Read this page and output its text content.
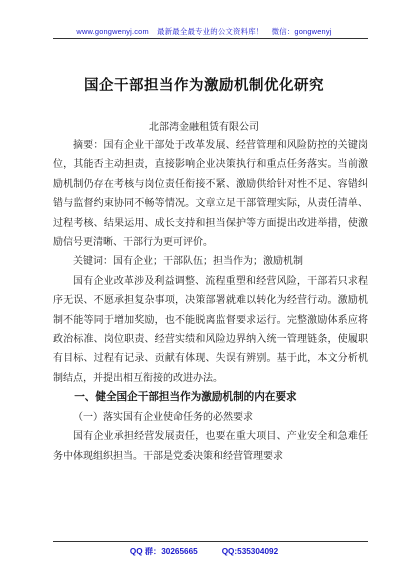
www.gongwenyj.com 最新最全最专业的公文资料库！ 微信：gongwenyj
国企干部担当作为激励机制优化研究
北部湾金融租赁有限公司

摘要：国有企业干部处于改革发展、经营管理和风险防控的关键岗位，其能否主动担责，直接影响企业决策执行和重点任务落实。当前激励机制仍存在考核与岗位责任衔接不紧、激励供给针对性不足、容错纠错与监督约束协同不畅等情况。文章立足干部管理实际，从责任清单、过程考核、结果运用、成长支持和担当保护等方面提出改进举措，使激励信号更清晰、干部行为更可评价。

关键词：国有企业；干部队伍；担当作为；激励机制

国有企业改革涉及利益调整、流程重塑和经营风险，干部若只求程序无误、不愿承担复杂事项，决策部署就难以转化为经营行动。激励机制不能等同于增加奖励，也不能脱离监督要求运行。完整激励体系应将政治标准、岗位职责、经营实绩和风险边界纳入统一管理链条，使履职有目标、过程有记录、贡献有体现、失误有辨别。基于此，本文分析机制结点，并提出相互衔接的改进办法。

一、健全国企干部担当作为激励机制的内在要求
（一）落实国有企业使命任务的必然要求

国有企业承担经营发展责任，也要在重大项目、产业安全和急难任务中体现组织担当。干部是党委决策和经营管理要求

QQ 群：30265665	QQ:535304092
